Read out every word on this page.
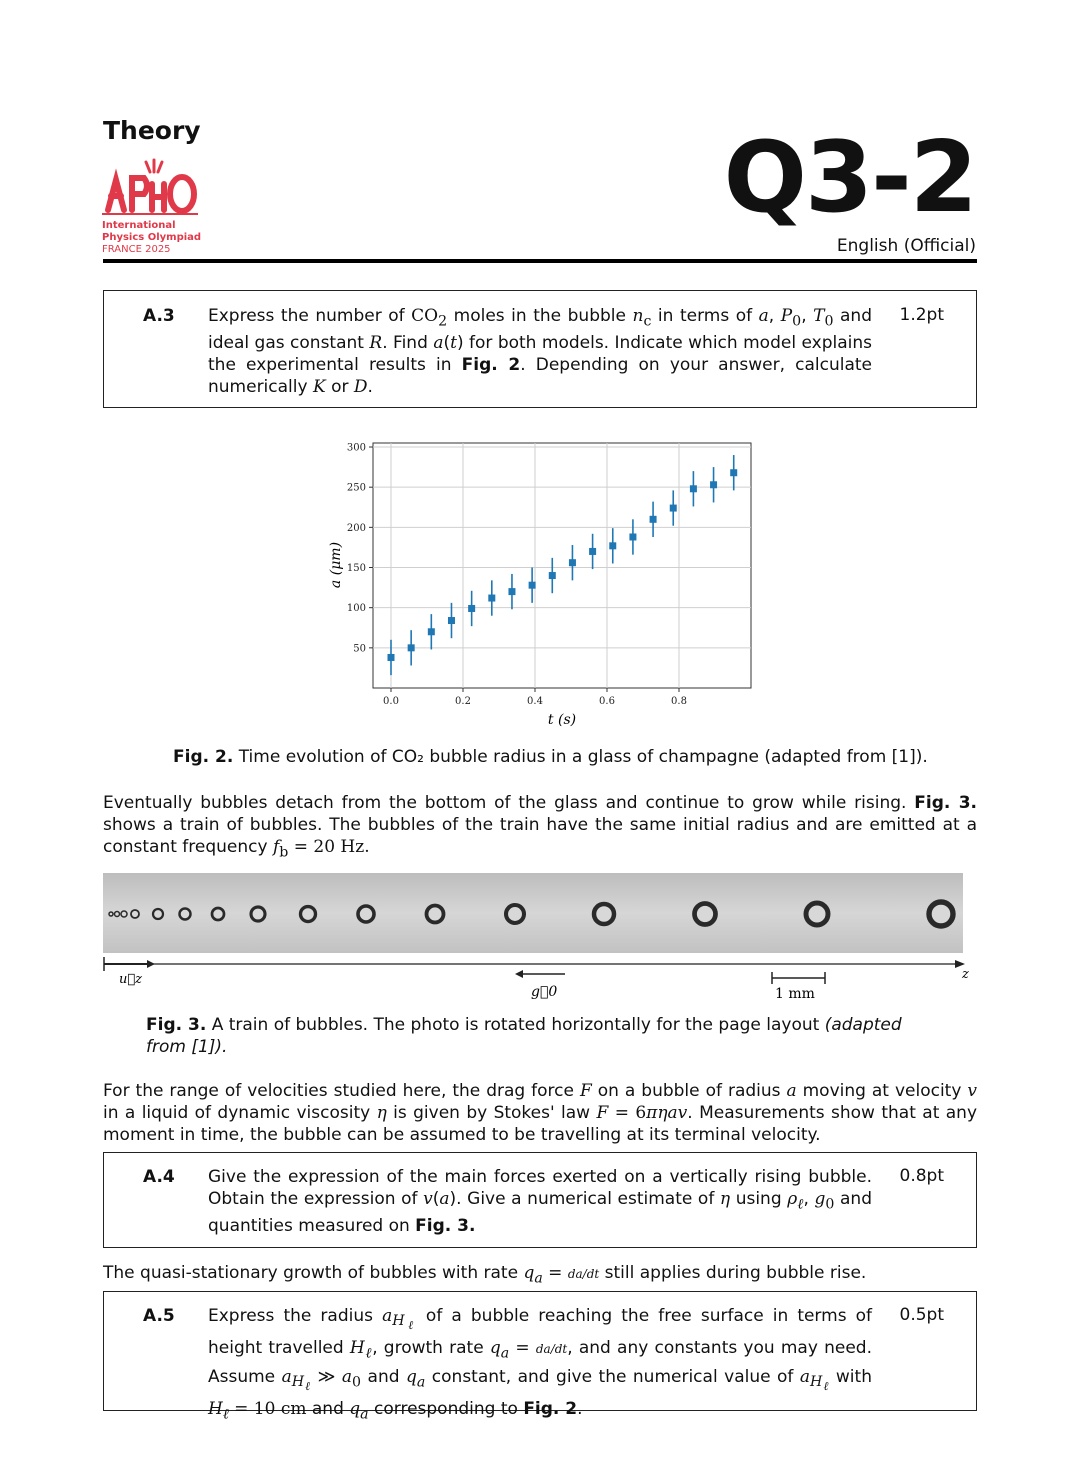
Theory
International
Physics Olympiad
FRANCE 2025
Q3-2
English (Official)
A.3 Express the number of $CO_2$ moles in the bubble $n_c$ in terms of a, $P_0$, $T_0$ and ideal gas constant R. Find a(t) for both models. Indicate which model explains the experimental results in Fig. 2. Depending on your answer, calculate numerically K or D.
1.2pt
0.0	0.2	0.4	0.6	0.8
50
100
150
200
250
300
t (s)
a (μm)
Fig. 2. Time evolution of CO₂ bubble radius in a glass of champagne (adapted from [1]).
Eventually bubbles detach from the bottom of the glass and continue to grow while rising. Fig. 3. shows a train of bubbles. The bubbles of the train have the same initial radius and are emitted at a constant frequency $f_b = 20$ Hz.
u⃗z
g⃗0	1 mm
z
Fig. 3. A train of bubbles. The photo is rotated horizontally for the page layout (adapted from [1]).
For the range of velocities studied here, the drag force F on a bubble of radius a moving at velocity v in a liquid of dynamic viscosity η is given by Stokes' law F = 6πηav. Measurements show that at any moment in time, the bubble can be assumed to be travelling at its terminal velocity.
A.4 Give the expression of the main forces exerted on a vertically rising bubble. Obtain the expression of v(a). Give a numerical estimate of η using $\rho_\ell$, $g_0$ and quantities measured on Fig. 3.
0.8pt
The quasi-stationary growth of bubbles with rate $q_a = da/dt$ still applies during bubble rise.
A.5 Express the radius $a_{H_\ell}$ of a bubble reaching the free surface in terms of height travelled $H_\ell$, growth rate $q_a = da/dt$, and any constants you may need. Assume $a_{H_\ell}$ ≫ $a_0$ and $q_a$ constant, and give the numerical value of $a_{H_\ell}$ with $H_\ell = 10$ cm and $q_a$ corresponding to Fig. 2.
0.5pt
